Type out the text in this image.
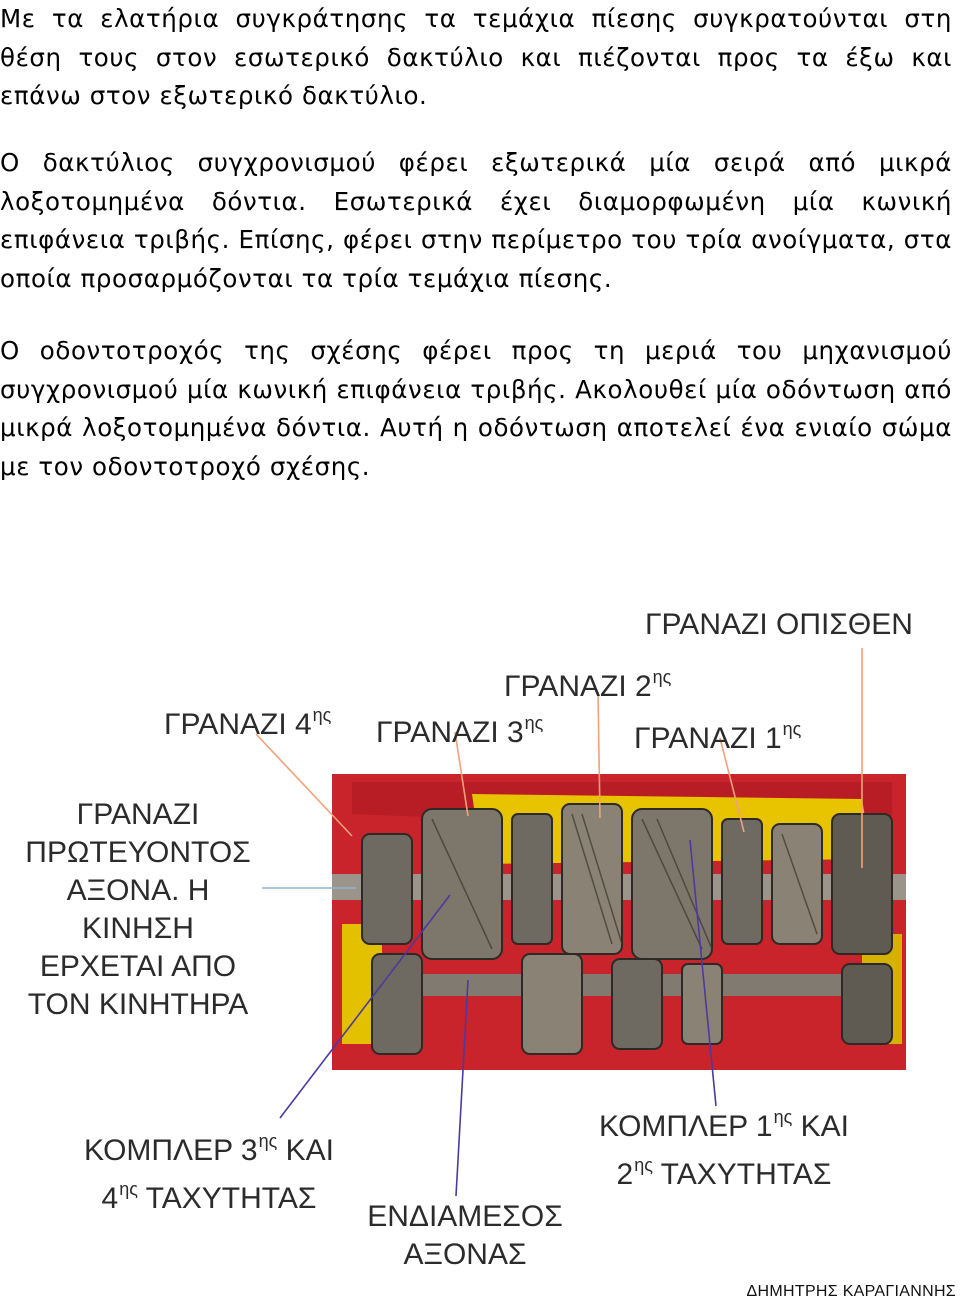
Με τα ελατήρια συγκράτησης τα τεμάχια πίεσης συγκρατούνται στη θέση τους στον εσωτερικό δακτύλιο και πιέζονται προς τα έξω και επάνω στον εξωτερικό δακτύλιο.

Ο δακτύλιος συγχρονισμού φέρει εξωτερικά μία σειρά από μικρά λοξοτομημένα δόντια. Εσωτερικά έχει διαμορφωμένη μία κωνική επιφάνεια τριβής. Επίσης, φέρει στην περίμετρο του τρία ανοίγματα, στα οποία προσαρμόζονται τα τρία τεμάχια πίεσης.

Ο οδοντοτροχός της σχέσης φέρει προς τη μεριά του μηχανισμού συγχρονισμού μία κωνική επιφάνεια τριβής. Ακολουθεί μία οδόντωση από μικρά λοξοτομημένα δόντια. Αυτή η οδόντωση αποτελεί ένα ενιαίο σώμα με τον οδοντοτροχό σχέσης.

ΓΡΑΝΑΖΙ ΟΠΙΣΘΕΝ
ΓΡΑΝΑΖΙ $2^{\eta\varsigma}$
ΓΡΑΝΑΖΙ $4^{\eta\varsigma}$
ΓΡΑΝΑΖΙ $3^{\eta\varsigma}$	ΓΡΑΝΑΖΙ $1^{\eta\varsigma}$
ΓΡΑΝΑΖΙ
ΠΡΩΤΕΥΟΝΤΟΣ
ΑΞΟΝΑ. Η
ΚΙΝΗΣΗ
ΕΡΧΕΤΑΙ ΑΠΟ
ΤΟΝ ΚΙΝΗΤΗΡΑ
ΚΟΜΠΛΕΡ $3^{\eta\varsigma}$ ΚΑΙ
$4^{\eta\varsigma}$ ΤΑΧΥΤΗΤΑΣ
ΚΟΜΠΛΕΡ $1^{\eta\varsigma}$ ΚΑΙ
$2^{\eta\varsigma}$ ΤΑΧΥΤΗΤΑΣ
ΕΝΔΙΑΜΕΣΟΣ
ΑΞΟΝΑΣ
ΔΗΜΗΤΡΗΣ ΚΑΡΑΓΙΑΝΝΗΣ
